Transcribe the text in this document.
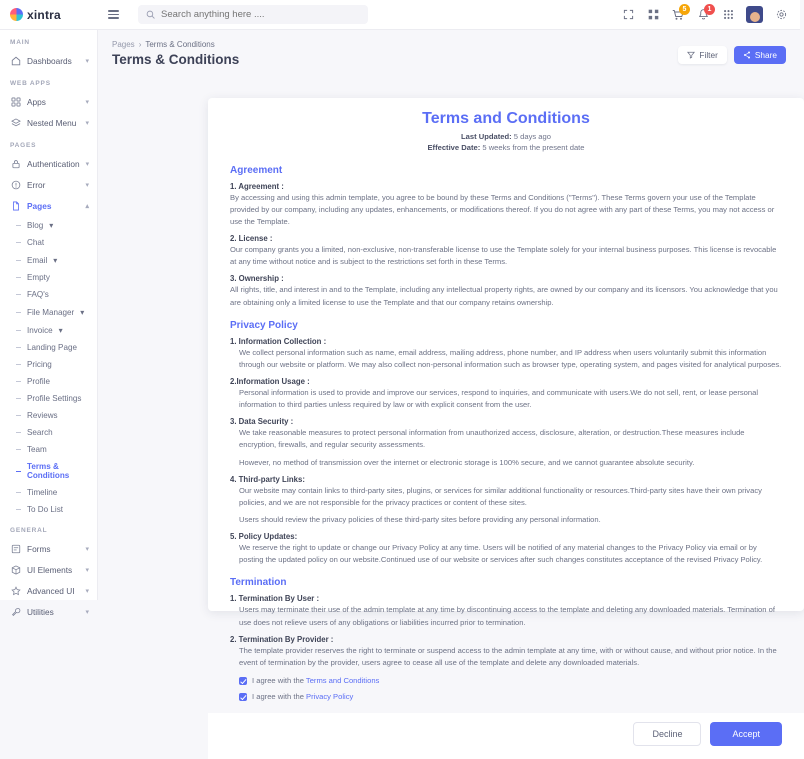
xintra
Search anything here ....	5	1
MAIN
Dashboards	▾
WEB APPS
Apps	▾
Nested Menu	▾
PAGES
Authentication ▾
Error	▾
Pages	▴
Blog ▾
Chat
Email ▾
Empty
FAQ's
File Manager ▾
Invoice ▾
Landing Page
Pricing
Profile
Profile Settings
Reviews
Search
Team
Terms & Conditions
Timeline
To Do List
GENERAL
Forms	▾
UI Elements	▾
Advanced UI	▾
Utilities	▾
Pages › Terms & Conditions
Terms & Conditions	Filter	Share
Terms and Conditions
Last Updated: 5 days ago
Effective Date: 5 weeks from the present date
Agreement
1. Agreement :
By accessing and using this admin template, you agree to be bound by these Terms and Conditions ("Terms"). These Terms govern your use of the Template provided by our company, including any updates, enhancements, or modifications thereof. If you do not agree with any part of these Terms, you may not access or use the Template.
2. License :
Our company grants you a limited, non-exclusive, non-transferable license to use the Template solely for your internal business purposes. This license is revocable at any time without notice and is subject to the restrictions set forth in these Terms.
3. Ownership :
All rights, title, and interest in and to the Template, including any intellectual property rights, are owned by our company and its licensors. You acknowledge that you are obtaining only a limited license to use the Template and that our company retains ownership.
Privacy Policy
1. Information Collection :
We collect personal information such as name, email address, mailing address, phone number, and IP address when users voluntarily submit this information through our website or platform. We may also collect non-personal information such as browser type, operating system, and pages visited for analytical purposes.
2.Information Usage :
Personal information is used to provide and improve our services, respond to inquiries, and communicate with users.We do not sell, rent, or lease personal information to third parties unless required by law or with explicit consent from the user.
3. Data Security :
We take reasonable measures to protect personal information from unauthorized access, disclosure, alteration, or destruction.These measures include encryption, firewalls, and regular security assessments.
However, no method of transmission over the internet or electronic storage is 100% secure, and we cannot guarantee absolute security.
4. Third-party Links:
Our website may contain links to third-party sites, plugins, or services for similar additional functionality or resources.Third-party sites have their own privacy policies, and we are not responsible for the privacy practices or content of these sites.
Users should review the privacy policies of these third-party sites before providing any personal information.
5. Policy Updates:
We reserve the right to update or change our Privacy Policy at any time. Users will be notified of any material changes to the Privacy Policy via email or by posting the updated policy on our website.Continued use of our website or services after such changes constitutes acceptance of the revised Privacy Policy.
Termination
1. Termination By User :
Users may terminate their use of the admin template at any time by discontinuing access to the template and deleting any downloaded materials. Termination of use does not relieve users of any obligations or liabilities incurred prior to termination.
2. Termination By Provider :
The template provider reserves the right to terminate or suspend access to the admin template at any time, with or without cause, and without prior notice. In the event of termination by the provider, users agree to cease all use of the template and delete any downloaded materials.
I agree with the Terms and Conditions
I agree with the Privacy Policy
Decline	Accept
